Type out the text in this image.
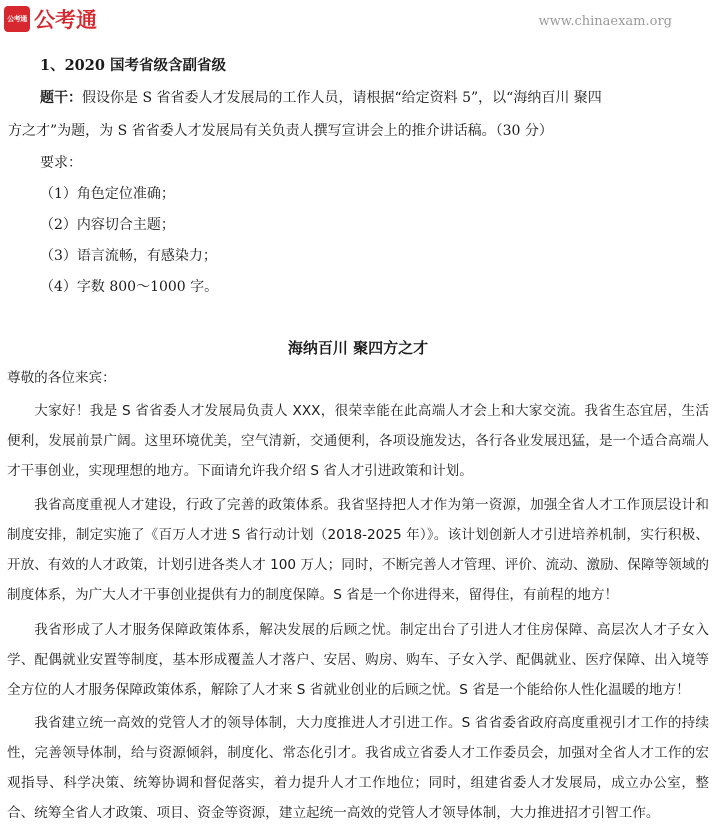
公考通 公考通	www.chinaexam.org
1、2020 国考省级含副省级
题干：假设你是 S 省省委人才发展局的工作人员，请根据“给定资料 5”，以“海纳百川 聚四
方之才”为题，为 S 省省委人才发展局有关负责人撰写宣讲会上的推介讲话稿。（30 分）
要求：
（1）角色定位准确；
（2）内容切合主题；
（3）语言流畅，有感染力；
（4）字数 800～1000 字。
海纳百川 聚四方之才
尊敬的各位来宾：
大家好！我是 S 省省委人才发展局负责人 XXX，很荣幸能在此高端人才会上和大家交流。我省生态宜居，生活便利，发展前景广阔。这里环境优美，空气清新，交通便利，各项设施发达，各行各业发展迅猛，是一个适合高端人才干事创业，实现理想的地方。下面请允许我介绍 S 省人才引进政策和计划。
我省高度重视人才建设，行政了完善的政策体系。我省坚持把人才作为第一资源，加强全省人才工作顶层设计和制度安排，制定实施了《百万人才进 S 省行动计划（2018-2025 年）》。该计划创新人才引进培养机制，实行积极、开放、有效的人才政策，计划引进各类人才 100 万人；同时，不断完善人才管理、评价、流动、激励、保障等领域的制度体系，为广大人才干事创业提供有力的制度保障。S 省是一个你进得来，留得住，有前程的地方！
我省形成了人才服务保障政策体系，解决发展的后顾之忧。制定出台了引进人才住房保障、高层次人才子女入学、配偶就业安置等制度，基本形成覆盖人才落户、安居、购房、购车、子女入学、配偶就业、医疗保障、出入境等全方位的人才服务保障政策体系，解除了人才来 S 省就业创业的后顾之忧。S 省是一个能给你人性化温暖的地方！
我省建立统一高效的党管人才的领导体制，大力度推进人才引进工作。S 省省委省政府高度重视引才工作的持续性，完善领导体制，给与资源倾斜，制度化、常态化引才。我省成立省委人才工作委员会，加强对全省人才工作的宏观指导、科学决策、统筹协调和督促落实，着力提升人才工作地位；同时，组建省委人才发展局，成立办公室，整合、统筹全省人才政策、项目、资金等资源，建立起统一高效的党管人才领导体制，大力推进招才引智工作。
